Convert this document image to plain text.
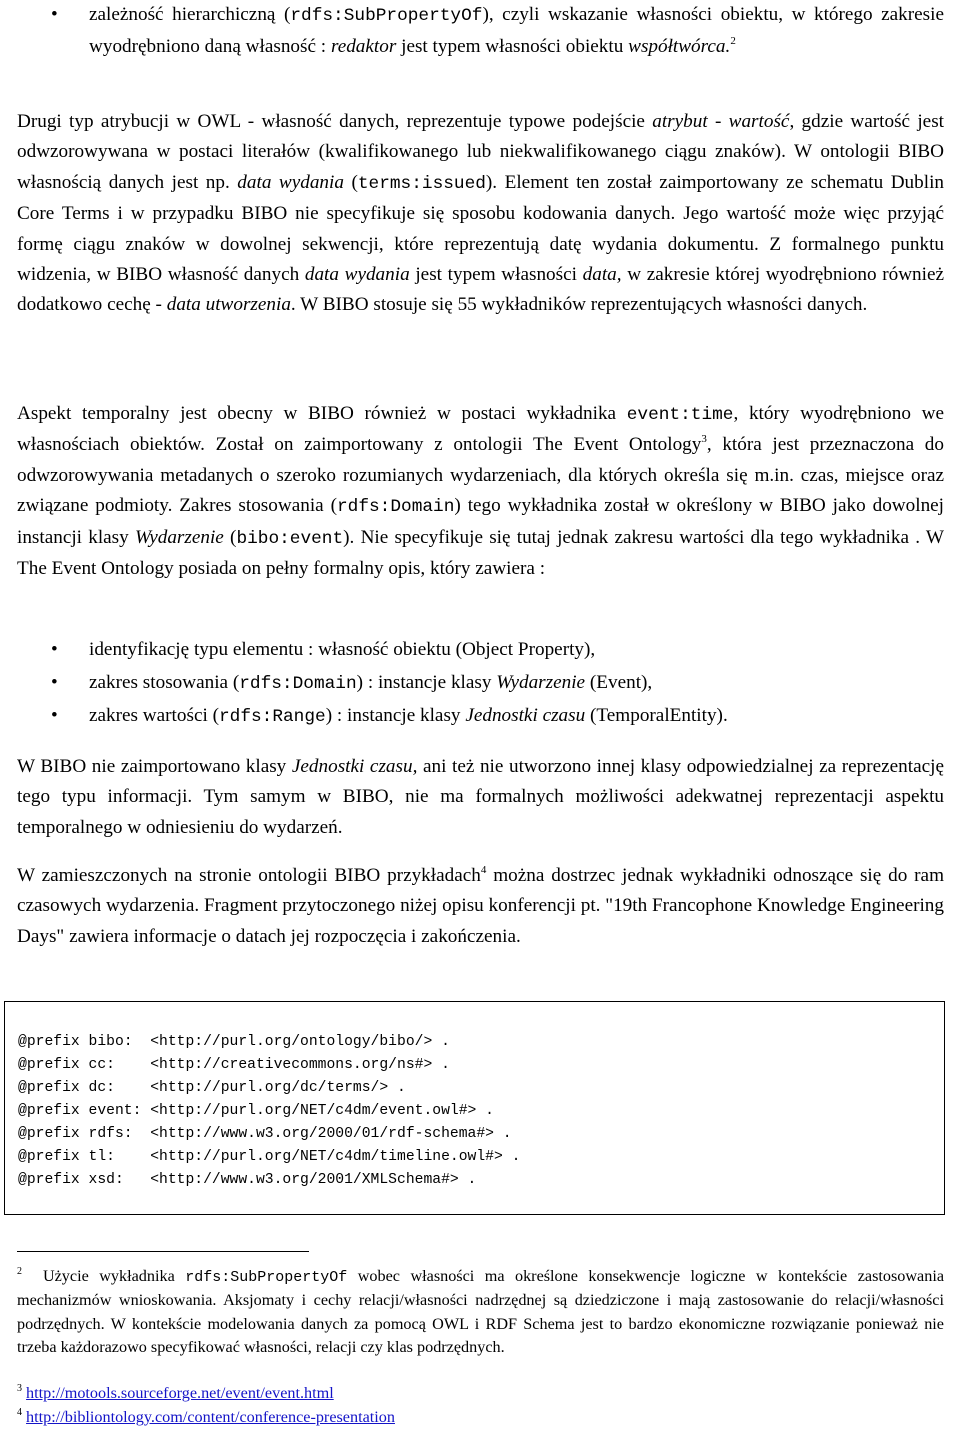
• zależność hierarchiczną (rdfs:SubPropertyOf), czyli wskazanie własności obiektu, w którego zakresie wyodrębniono daną własność : redaktor jest typem własności obiektu współtwórca.$^2$

Drugi typ atrybucji w OWL - własność danych, reprezentuje typowe podejście atrybut - wartość, gdzie wartość jest odwzorowywana w postaci literałów (kwalifikowanego lub niekwalifikowanego ciągu znaków). W ontologii BIBO własnością danych jest np. data wydania (terms:issued). Element ten został zaimportowany ze schematu Dublin Core Terms i w przypadku BIBO nie specyfikuje się sposobu kodowania danych. Jego wartość może więc przyjąć formę ciągu znaków w dowolnej sekwencji, które reprezentują datę wydania dokumentu. Z formalnego punktu widzenia, w BIBO własność danych data wydania jest typem własności data, w zakresie której wyodrębniono również dodatkowo cechę - data utworzenia. W BIBO stosuje się 55 wykładników reprezentujących własności danych.

Aspekt temporalny jest obecny w BIBO również w postaci wykładnika event:time, który wyodrębniono we własnościach obiektów. Został on zaimportowany z ontologii The Event Ontology$^3$, która jest przeznaczona do odwzorowywania metadanych o szeroko rozumianych wydarzeniach, dla których określa się m.in. czas, miejsce oraz związane podmioty. Zakres stosowania (rdfs:Domain) tego wykładnika został w określony w BIBO jako dowolnej instancji klasy Wydarzenie (bibo:event). Nie specyfikuje się tutaj jednak zakresu wartości dla tego wykładnika . W The Event Ontology posiada on pełny formalny opis, który zawiera :

• identyfikację typu elementu : własność obiektu (Object Property),
• zakres stosowania (rdfs:Domain) : instancje klasy Wydarzenie (Event),
• zakres wartości (rdfs:Range) : instancje klasy Jednostki czasu (TemporalEntity).

W BIBO nie zaimportowano klasy Jednostki czasu, ani też nie utworzono innej klasy odpowiedzialnej za reprezentację tego typu informacji. Tym samym w BIBO, nie ma formalnych możliwości adekwatnej reprezentacji aspektu temporalnego w odniesieniu do wydarzeń.

W zamieszczonych na stronie ontologii BIBO przykładach$^4$ można dostrzec jednak wykładniki odnoszące się do ram czasowych wydarzenia. Fragment przytoczonego niżej opisu konferencji pt. "19th Francophone Knowledge Engineering Days" zawiera informacje o datach jej rozpoczęcia i zakończenia.

@prefix bibo:  <http://purl.org/ontology/bibo/> .
@prefix cc:    <http://creativecommons.org/ns#> .
@prefix dc:    <http://purl.org/dc/terms/> .
@prefix event: <http://purl.org/NET/c4dm/event.owl#> .
@prefix rdfs:  <http://www.w3.org/2000/01/rdf-schema#> .
@prefix tl:    <http://purl.org/NET/c4dm/timeline.owl#> .
@prefix xsd:   <http://www.w3.org/2001/XMLSchema#> .
$^2$ Użycie wykładnika rdfs:SubPropertyOf wobec własności ma określone konsekwencje logiczne w kontekście zastosowania mechanizmów wnioskowania. Aksjomaty i cechy relacji/własności nadrzędnej są dziedziczone i mają zastosowanie do relacji/własności podrzędnych. W kontekście modelowania danych za pomocą OWL i RDF Schema jest to bardzo ekonomiczne rozwiązanie ponieważ nie trzeba każdorazowo specyfikować własności, relacji czy klas podrzędnych.
$^3$ http://motools.sourceforge.net/event/event.html
$^4$ http://bibliontology.com/content/conference-presentation
